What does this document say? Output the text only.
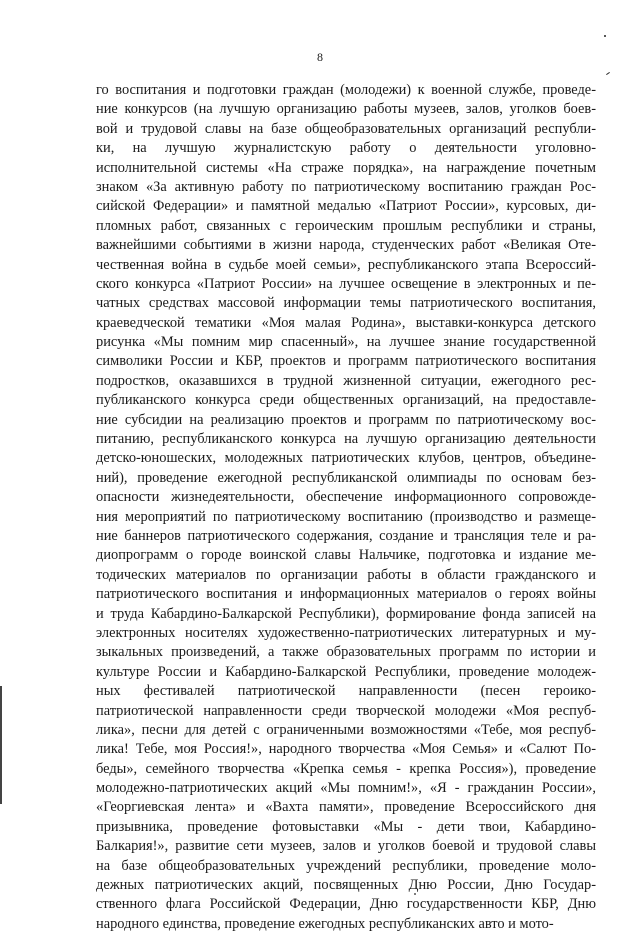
8
го воспитания и подготовки граждан (молодежи) к военной службе, проведе-
ние конкурсов (на лучшую организацию работы музеев, залов, уголков боев-
вой и трудовой славы на базе общеобразовательных организаций республи-
ки, на лучшую журналистскую работу о деятельности уголовно-
исполнительной системы «На страже порядка», на награждение почетным
знаком «За активную работу по патриотическому воспитанию граждан Рос-
сийской Федерации» и памятной медалью «Патриот России», курсовых, ди-
пломных работ, связанных с героическим прошлым республики и страны,
важнейшими событиями в жизни народа, студенческих работ «Великая Оте-
чественная война в судьбе моей семьи», республиканского этапа Всероссий-
ского конкурса «Патриот России» на лучшее освещение в электронных и пе-
чатных средствах массовой информации темы патриотического воспитания,
краеведческой тематики «Моя малая Родина», выставки-конкурса детского
рисунка «Мы помним мир спасенный», на лучшее знание государственной
символики России и КБР, проектов и программ патриотического воспитания
подростков, оказавшихся в трудной жизненной ситуации, ежегодного рес-
публиканского конкурса среди общественных организаций, на предоставле-
ние субсидии на реализацию проектов и программ по патриотическому вос-
питанию, республиканского конкурса на лучшую организацию деятельности
детско-юношеских, молодежных патриотических клубов, центров, объедине-
ний), проведение ежегодной республиканской олимпиады по основам без-
опасности жизнедеятельности, обеспечение информационного сопровожде-
ния мероприятий по патриотическому воспитанию (производство и размеще-
ние баннеров патриотического содержания, создание и трансляция теле и ра-
диопрограмм о городе воинской славы Нальчике, подготовка и издание ме-
тодических материалов по организации работы в области гражданского и
патриотического воспитания и информационных материалов о героях войны
и труда Кабардино-Балкарской Республики), формирование фонда записей на
электронных носителях художественно-патриотических литературных и му-
зыкальных произведений, а также образовательных программ по истории и
культуре России и Кабардино-Балкарской Республики, проведение молодеж-
ных фестивалей патриотической направленности (песен героико-
патриотической направленности среди творческой молодежи «Моя респуб-
лика», песни для детей с ограниченными возможностями «Тебе, моя респуб-
лика! Тебе, моя Россия!», народного творчества «Моя Семья» и «Салют По-
беды», семейного творчества «Крепка семья - крепка Россия»), проведение
молодежно-патриотических акций «Мы помним!», «Я - гражданин России»,
«Георгиевская лента» и «Вахта памяти», проведение Всероссийского дня
призывника, проведение фотовыставки «Мы - дети твои, Кабардино-
Балкария!», развитие сети музеев, залов и уголков боевой и трудовой славы
на базе общеобразовательных учреждений республики, проведение моло-
дежных патриотических акций, посвященных Дню России, Дню Государ-
ственного флага Российской Федерации, Дню государственности КБР, Дню
народного единства, проведение ежегодных республиканских авто и мото-
